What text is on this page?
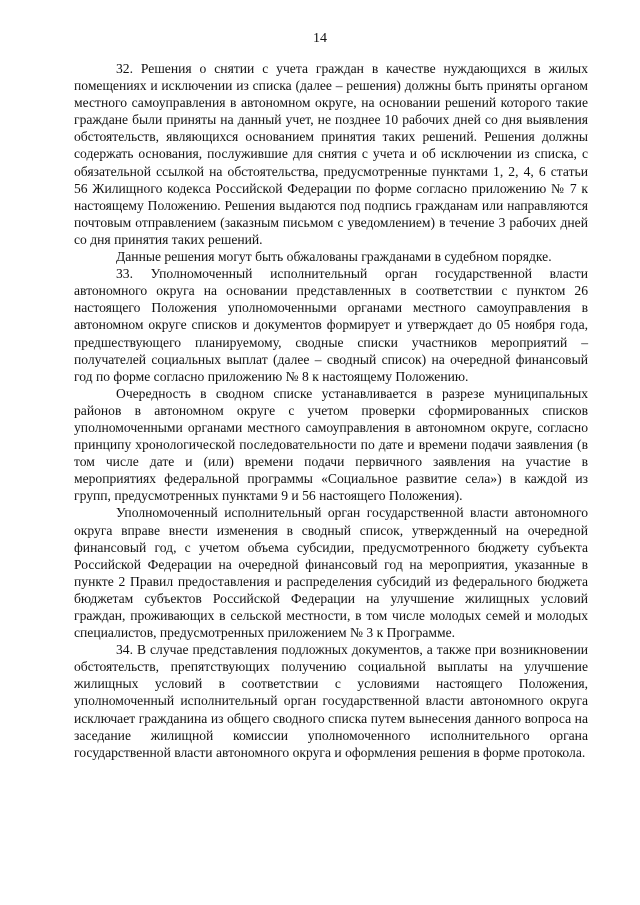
14

32. Решения о снятии с учета граждан в качестве нуждающихся в жилых помещениях и исключении из списка (далее – решения) должны быть приняты органом местного самоуправления в автономном округе, на основании решений которого такие граждане были приняты на данный учет, не позднее 10 рабочих дней со дня выявления обстоятельств, являющихся основанием принятия таких решений. Решения должны содержать основания, послужившие для снятия с учета и об исключении из списка, с обязательной ссылкой на обстоятельства, предусмотренные пунктами 1, 2, 4, 6 статьи 56 Жилищного кодекса Российской Федерации по форме согласно приложению № 7 к настоящему Положению. Решения выдаются под подпись гражданам или направляются почтовым отправлением (заказным письмом с уведомлением) в течение 3 рабочих дней со дня принятия таких решений.

Данные решения могут быть обжалованы гражданами в судебном порядке.

33. Уполномоченный исполнительный орган государственной власти автономного округа на основании представленных в соответствии с пунктом 26 настоящего Положения уполномоченными органами местного самоуправления в автономном округе списков и документов формирует и утверждает до 05 ноября года, предшествующего планируемому, сводные списки участников мероприятий – получателей социальных выплат (далее – сводный список) на очередной финансовый год по форме согласно приложению № 8 к настоящему Положению.

Очередность в сводном списке устанавливается в разрезе муниципальных районов в автономном округе с учетом проверки сформированных списков уполномоченными органами местного самоуправления в автономном округе, согласно принципу хронологической последовательности по дате и времени подачи заявления (в том числе дате и (или) времени подачи первичного заявления на участие в мероприятиях федеральной программы «Социальное развитие села») в каждой из групп, предусмотренных пунктами 9 и 56 настоящего Положения).

Уполномоченный исполнительный орган государственной власти автономного округа вправе внести изменения в сводный список, утвержденный на очередной финансовый год, с учетом объема субсидии, предусмотренного бюджету субъекта Российской Федерации на очередной финансовый год на мероприятия, указанные в пункте 2 Правил предоставления и распределения субсидий из федерального бюджета бюджетам субъектов Российской Федерации на улучшение жилищных условий граждан, проживающих в сельской местности, в том числе молодых семей и молодых специалистов, предусмотренных приложением № 3 к Программе.

34. В случае представления подложных документов, а также при возникновении обстоятельств, препятствующих получению социальной выплаты на улучшение жилищных условий в соответствии с условиями настоящего Положения, уполномоченный исполнительный орган государственной власти автономного округа исключает гражданина из общего сводного списка путем вынесения данного вопроса на заседание жилищной комиссии уполномоченного исполнительного органа государственной власти автономного округа и оформления решения в форме протокола.
